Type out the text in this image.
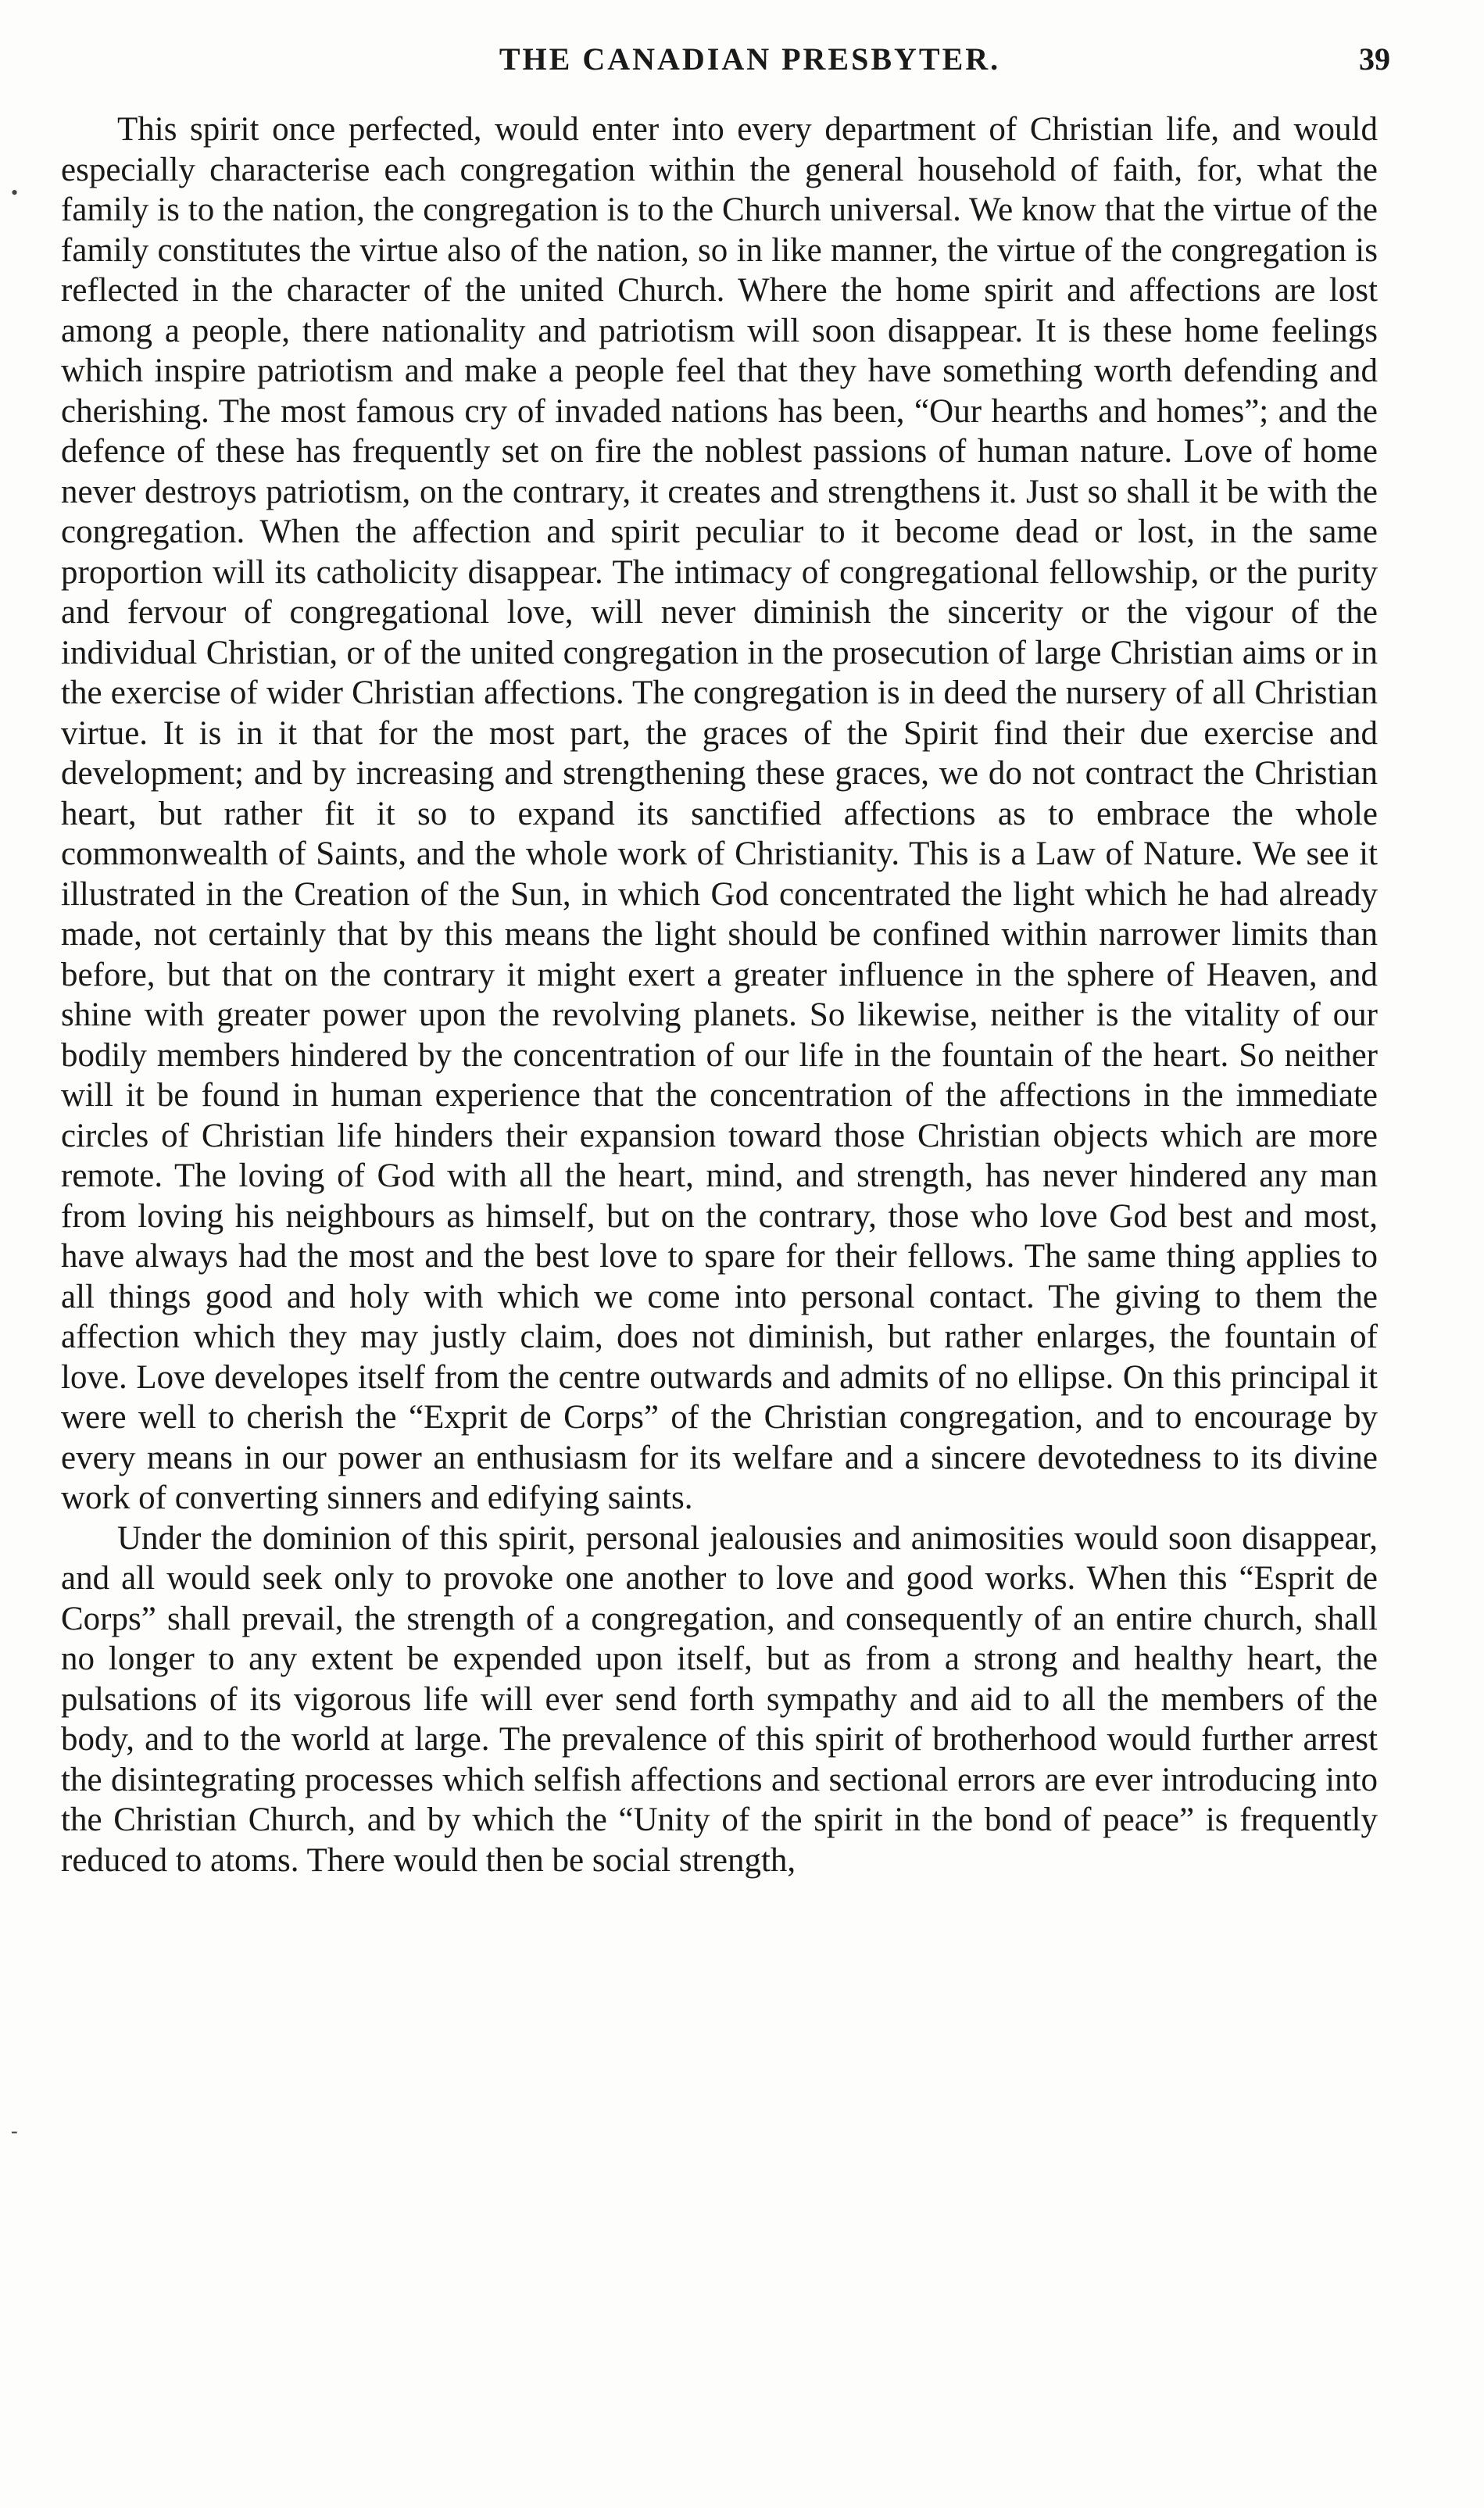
THE CANADIAN PRESBYTER.	39
•
-

This spirit once perfected, would enter into every department of Christian life, and would especially characterise each congregation within the general household of faith, for, what the family is to the nation, the congregation is to the Church universal. We know that the virtue of the family constitutes the virtue also of the nation, so in like manner, the virtue of the congregation is reflected in the character of the united Church. Where the home spirit and affections are lost among a people, there nationality and patriotism will soon disappear. It is these home feelings which inspire patriotism and make a people feel that they have something worth defending and cherishing. The most famous cry of invaded nations has been, “Our hearths and homes”; and the defence of these has frequently set on fire the noblest passions of human nature. Love of home never destroys patriotism, on the contrary, it creates and strengthens it. Just so shall it be with the congregation. When the affection and spirit peculiar to it become dead or lost, in the same proportion will its catholicity disappear. The intimacy of congregational fellowship, or the purity and fervour of congregational love, will never diminish the sincerity or the vigour of the individual Christian, or of the united congregation in the prosecution of large Christian aims or in the exercise of wider Christian affections. The congregation is in deed the nursery of all Christian virtue. It is in it that for the most part, the graces of the Spirit find their due exercise and development; and by increasing and strengthening these graces, we do not contract the Christian heart, but rather fit it so to expand its sanctified affections as to embrace the whole commonwealth of Saints, and the whole work of Christianity. This is a Law of Nature. We see it illustrated in the Creation of the Sun, in which God concentrated the light which he had already made, not certainly that by this means the light should be confined within narrower limits than before, but that on the contrary it might exert a greater influence in the sphere of Heaven, and shine with greater power upon the revolving planets. So likewise, neither is the vitality of our bodily members hindered by the concentration of our life in the fountain of the heart. So neither will it be found in human experience that the concentration of the affections in the immediate circles of Christian life hinders their expansion toward those Christian objects which are more remote. The loving of God with all the heart, mind, and strength, has never hindered any man from loving his neighbours as himself, but on the contrary, those who love God best and most, have always had the most and the best love to spare for their fellows. The same thing applies to all things good and holy with which we come into personal contact. The giving to them the affection which they may justly claim, does not diminish, but rather enlarges, the fountain of love. Love developes itself from the centre outwards and admits of no ellipse. On this principal it were well to cherish the “Exprit de Corps” of the Christian congregation, and to encourage by every means in our power an enthusiasm for its welfare and a sincere devotedness to its divine work of converting sinners and edifying saints.

Under the dominion of this spirit, personal jealousies and animosities would soon disappear, and all would seek only to provoke one another to love and good works. When this “Esprit de Corps” shall prevail, the strength of a congregation, and consequently of an entire church, shall no longer to any extent be expended upon itself, but as from a strong and healthy heart, the pulsations of its vigorous life will ever send forth sympathy and aid to all the members of the body, and to the world at large. The prevalence of this spirit of brotherhood would further arrest the disintegrating processes which selfish affections and sectional errors are ever introducing into the Christian Church, and by which the “Unity of the spirit in the bond of peace” is frequently reduced to atoms. There would then be social strength,
